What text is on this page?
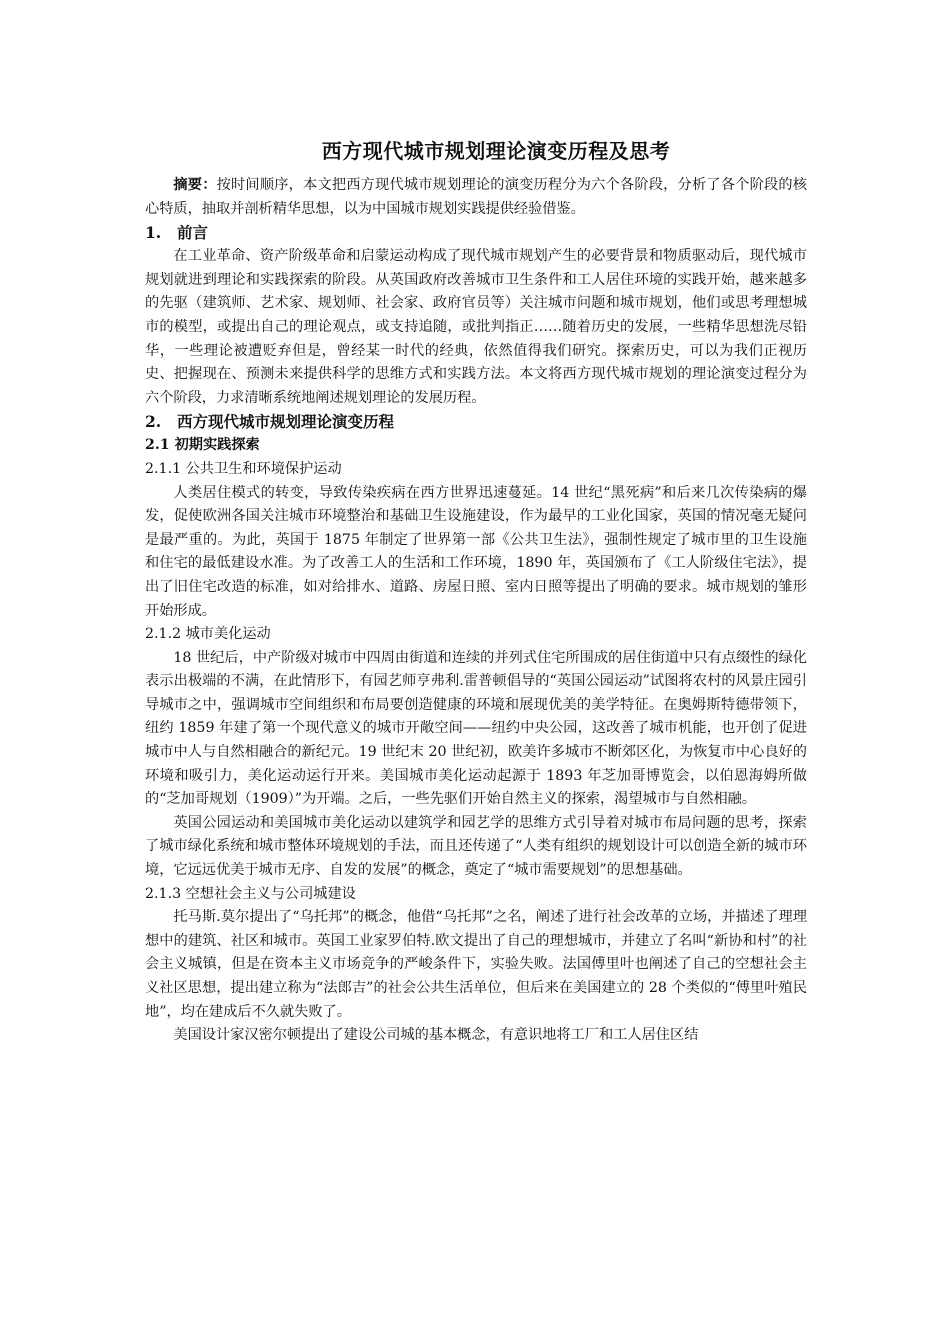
西方现代城市规划理论演变历程及思考

摘要：按时间顺序，本文把西方现代城市规划理论的演变历程分为六个各阶段，分析了各个阶段的核心特质，抽取并剖析精华思想，以为中国城市规划实践提供经验借鉴。

1. 前言

在工业革命、资产阶级革命和启蒙运动构成了现代城市规划产生的必要背景和物质驱动后，现代城市规划就进到理论和实践探索的阶段。从英国政府改善城市卫生条件和工人居住环境的实践开始，越来越多的先驱（建筑师、艺术家、规划师、社会家、政府官员等）关注城市问题和城市规划，他们或思考理想城市的模型，或提出自己的理论观点，或支持追随，或批判指正……随着历史的发展，一些精华思想洗尽铅华，一些理论被遭贬弃但是，曾经某一时代的经典，依然值得我们研究。探索历史，可以为我们正视历史、把握现在、预测未来提供科学的思维方式和实践方法。本文将西方现代城市规划的理论演变过程分为六个阶段，力求清晰系统地阐述规划理论的发展历程。

2. 西方现代城市规划理论演变历程
2.1 初期实践探索
2.1.1 公共卫生和环境保护运动

人类居住模式的转变，导致传染疾病在西方世界迅速蔓延。14 世纪“黑死病”和后来几次传染病的爆发，促使欧洲各国关注城市环境整治和基础卫生设施建设，作为最早的工业化国家，英国的情况毫无疑问是最严重的。为此，英国于 1875 年制定了世界第一部《公共卫生法》，强制性规定了城市里的卫生设施和住宅的最低建设水准。为了改善工人的生活和工作环境，1890 年，英国颁布了《工人阶级住宅法》，提出了旧住宅改造的标准，如对给排水、道路、房屋日照、室内日照等提出了明确的要求。城市规划的雏形开始形成。

2.1.2 城市美化运动

18 世纪后，中产阶级对城市中四周由街道和连续的并列式住宅所围成的居住街道中只有点缀性的绿化表示出极端的不满，在此情形下，有园艺师亨弗利.雷普顿倡导的“英国公园运动”试图将农村的风景庄园引导城市之中，强调城市空间组织和布局要创造健康的环境和展现优美的美学特征。在奥姆斯特德带领下，纽约 1859 年建了第一个现代意义的城市开敞空间——纽约中央公园，这改善了城市机能，也开创了促进城市中人与自然相融合的新纪元。19 世纪末 20 世纪初，欧美许多城市不断郊区化，为恢复市中心良好的环境和吸引力，美化运动运行开来。美国城市美化运动起源于 1893 年芝加哥博览会，以伯恩海姆所做的“芝加哥规划（1909）”为开端。之后，一些先驱们开始自然主义的探索，渴望城市与自然相融。

英国公园运动和美国城市美化运动以建筑学和园艺学的思维方式引导着对城市布局问题的思考，探索了城市绿化系统和城市整体环境规划的手法，而且还传递了“人类有组织的规划设计可以创造全新的城市环境，它远远优美于城市无序、自发的发展”的概念，奠定了“城市需要规划”的思想基础。

2.1.3 空想社会主义与公司城建设

托马斯.莫尔提出了“乌托邦”的概念，他借“乌托邦”之名，阐述了进行社会改革的立场，并描述了理理想中的建筑、社区和城市。英国工业家罗伯特.欧文提出了自己的理想城市，并建立了名叫“新协和村”的社会主义城镇，但是在资本主义市场竞争的严峻条件下，实验失败。法国傅里叶也阐述了自己的空想社会主义社区思想，提出建立称为“法郎吉”的社会公共生活单位，但后来在美国建立的 28 个类似的“傅里叶殖民地”，均在建成后不久就失败了。

美国设计家汉密尔顿提出了建设公司城的基本概念，有意识地将工厂和工人居住区结
